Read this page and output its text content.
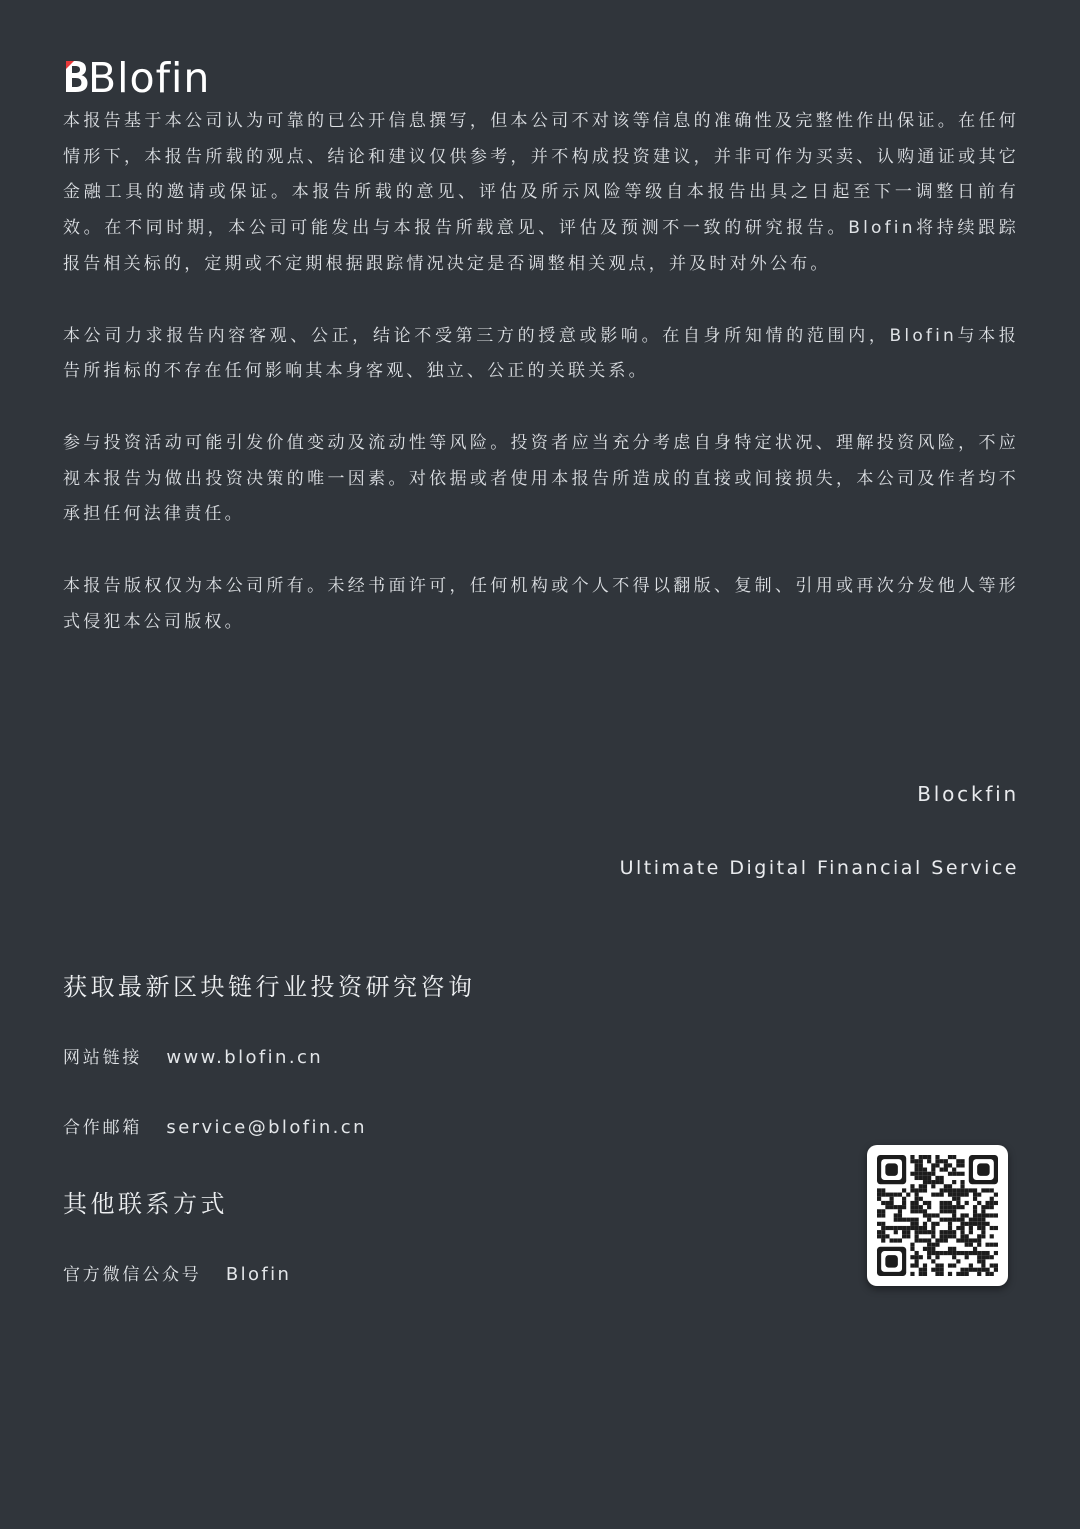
Blofin

本报告基于本公司认为可靠的已公开信息撰写，但本公司不对该等信息的准确性及完整性作出保证。在任何情形下，本报告所载的观点、结论和建议仅供参考，并不构成投资建议，并非可作为买卖、认购通证或其它金融工具的邀请或保证。本报告所载的意见、评估及所示风险等级自本报告出具之日起至下一调整日前有效。在不同时期，本公司可能发出与本报告所载意见、评估及预测不一致的研究报告。Blofin将持续跟踪报告相关标的，定期或不定期根据跟踪情况决定是否调整相关观点，并及时对外公布。

本公司力求报告内容客观、公正，结论不受第三方的授意或影响。在自身所知情的范围内，Blofin与本报告所指标的不存在任何影响其本身客观、独立、公正的关联关系。

参与投资活动可能引发价值变动及流动性等风险。投资者应当充分考虑自身特定状况、理解投资风险，不应视本报告为做出投资决策的唯一因素。对依据或者使用本报告所造成的直接或间接损失，本公司及作者均不承担任何法律责任。

本报告版权仅为本公司所有。未经书面许可，任何机构或个人不得以翻版、复制、引用或再次分发他人等形式侵犯本公司版权。

Blockfin
Ultimate Digital Financial Service
获取最新区块链行业投资研究咨询
网站链接 www.blofin.cn
合作邮箱 service@blofin.cn
其他联系方式
官方微信公众号 Blofin
